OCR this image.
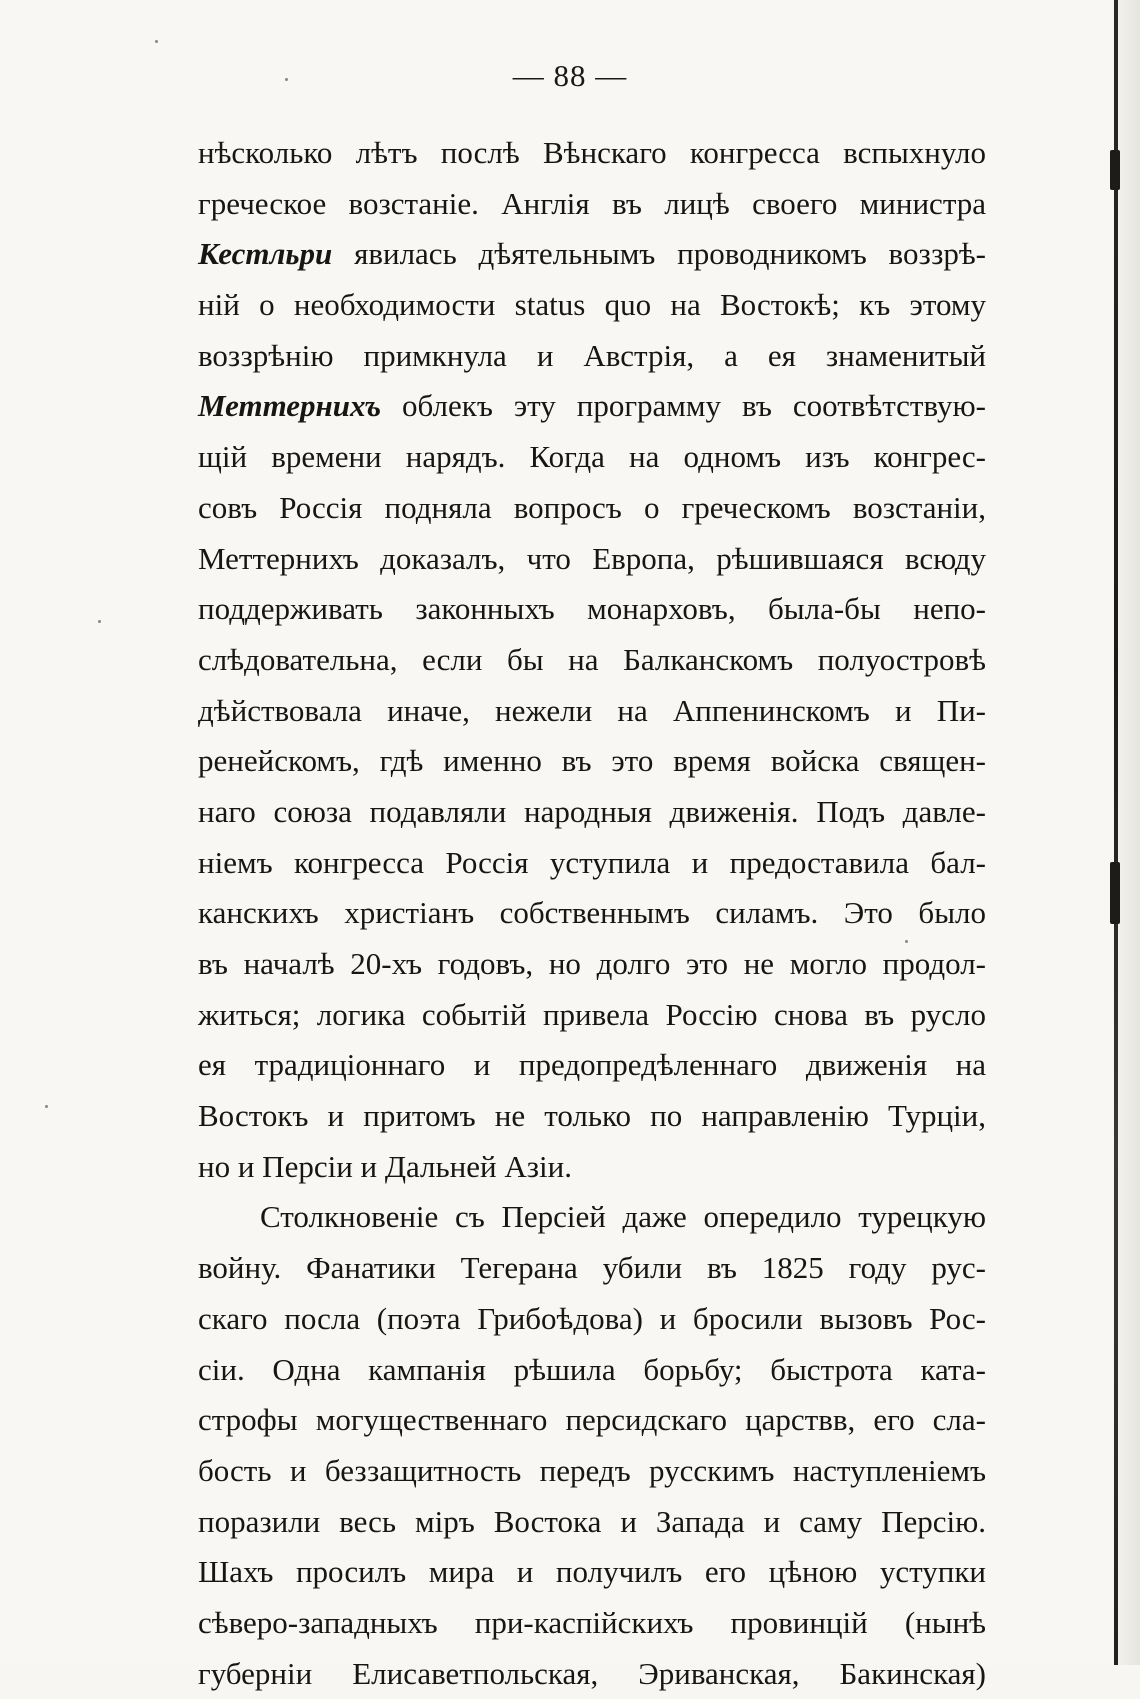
— 88 —
нѣсколько лѣтъ послѣ Вѣнскаго конгресса вспыхнуло
греческое возстанiе. Англiя въ лицѣ своего министра
Кестльри явилась дѣятельнымъ проводникомъ воззрѣ-
нiй о необходимости status quo на Востокѣ; къ этому
воззрѣнiю примкнула и Австрiя, а ея знаменитый
Меттернихъ облекъ эту программу въ соотвѣтствую-
щiй времени нарядъ. Когда на одномъ изъ конгрес-
совъ Россiя подняла вопросъ о греческомъ возстанiи,
Меттернихъ доказалъ, что Европа, рѣшившаяся всюду
поддерживать законныхъ монарховъ, была-бы непо-
слѣдовательна, если бы на Балканскомъ полуостровѣ
дѣйствовала иначе, нежели на Аппенинскомъ и Пи-
ренейскомъ, гдѣ именно въ это время войска священ-
наго союза подавляли народныя движенiя. Подъ давле-
нiемъ конгресса Россiя уступила и предоставила бал-
канскихъ христiанъ собственнымъ силамъ. Это было
въ началѣ 20-хъ годовъ, но долго это не могло продол-
житься; логика событiй привела Россiю снова въ русло
ея традицiоннаго и предопредѣленнаго движенiя на
Востокъ и притомъ не только по направленiю Турцiи,
но и Персiи и Дальней Азiи.
Столкновенiе съ Персiей даже опередило турецкую
войну. Фанатики Тегерана убили въ 1825 году рус-
скаго посла (поэта Грибоѣдова) и бросили вызовъ Рос-
сiи. Одна кампанiя рѣшила борьбу; быстрота ката-
строфы могущественнаго персидскаго царствв, его сла-
бость и беззащитность передъ русскимъ наступленiемъ
поразили весь мiръ Востока и Запада и саму Персiю.
Шахъ просилъ мира и получилъ его цѣною уступки
сѣверо-западныхъ при-каспiйскихъ провинцiй (нынѣ
губернiи Елисаветпольская, Эриванская, Бакинская)
